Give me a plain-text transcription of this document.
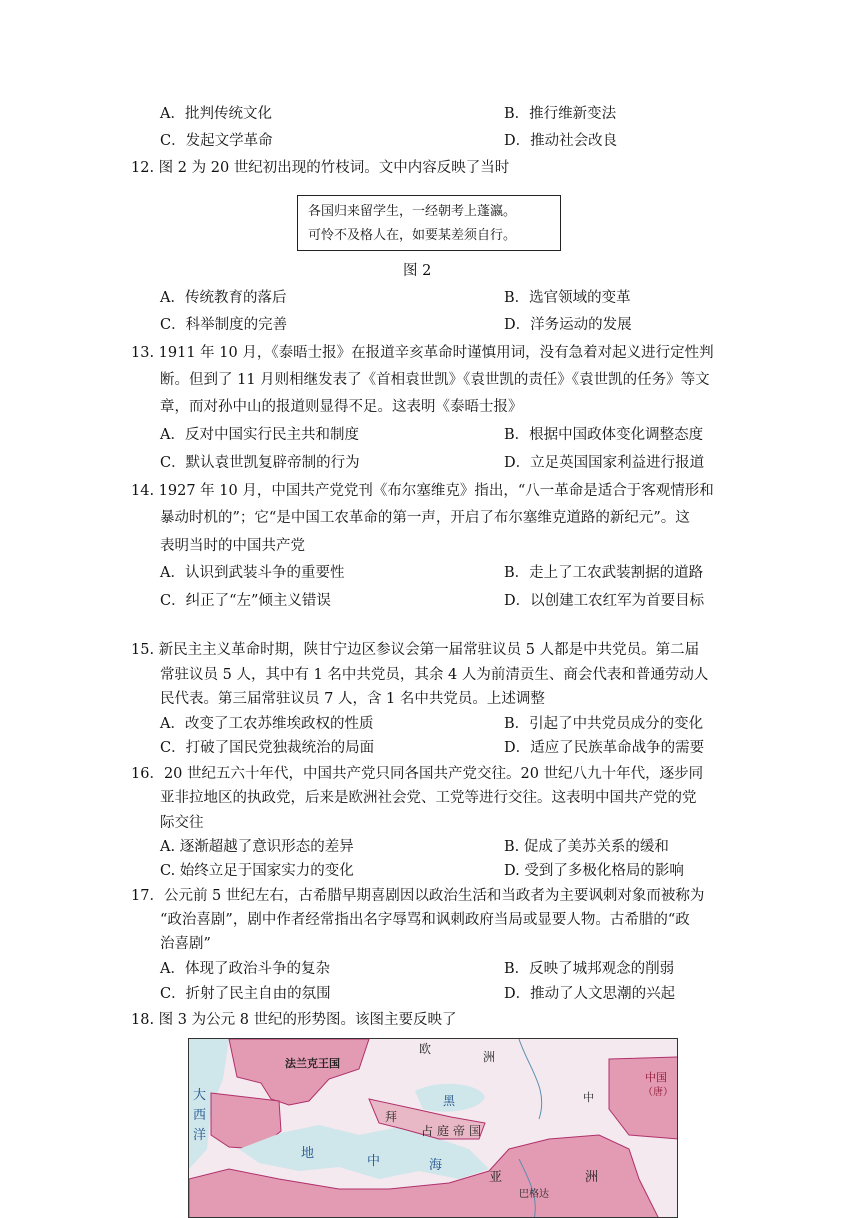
A．批判传统文化	B．推行维新变法
C．发起文学革命	D．推动社会改良
12. 图 2 为 20 世纪初出现的竹枝词。文中内容反映了当时
各国归来留学生，一经朝考上蓬瀛。
可怜不及格人在，如要某差须自行。
图 2
A．传统教育的落后	B．选官领域的变革
C．科举制度的完善	D．洋务运动的发展
13. 1911 年 10 月，《泰晤士报》在报道辛亥革命时谨慎用词，没有急着对起义进行定性判
断。但到了 11 月则相继发表了《首相袁世凯》《袁世凯的责任》《袁世凯的任务》等文
章，而对孙中山的报道则显得不足。这表明《泰晤士报》
A．反对中国实行民主共和制度	B．根据中国政体变化调整态度
C．默认袁世凯复辟帝制的行为	D．立足英国国家利益进行报道
14. 1927 年 10 月，中国共产党党刊《布尔塞维克》指出，“八一革命是适合于客观情形和
暴动时机的”；它“是中国工农革命的第一声，开启了布尔塞维克道路的新纪元”。这
表明当时的中国共产党
A．认识到武装斗争的重要性	B．走上了工农武装割据的道路
C．纠正了“左”倾主义错误	D．以创建工农红军为首要目标
15. 新民主主义革命时期，陕甘宁边区参议会第一届常驻议员 5 人都是中共党员。第二届
常驻议员 5 人，其中有 1 名中共党员，其余 4 人为前清贡生、商会代表和普通劳动人
民代表。第三届常驻议员 7 人，含 1 名中共党员。上述调整
A．改变了工农苏维埃政权的性质	B．引起了中共党员成分的变化
C．打破了国民党独裁统治的局面	D．适应了民族革命战争的需要
16．20 世纪五六十年代，中国共产党只同各国共产党交往。20 世纪八九十年代，逐步同
亚非拉地区的执政党，后来是欧洲社会党、工党等进行交往。这表明中国共产党的党
际交往
A. 逐渐超越了意识形态的差异	B. 促成了美苏关系的缓和
C. 始终立足于国家实力的变化	D. 受到了多极化格局的影响
17．公元前 5 世纪左右，古希腊早期喜剧因以政治生活和当政者为主要讽刺对象而被称为
“政治喜剧”，剧中作者经常指出名字辱骂和讽刺政府当局或显要人物。古希腊的“政
治喜剧”
A．体现了政治斗争的复杂	B．反映了城邦观念的削弱
C．折射了民主自由的氛围	D．推动了人文思潮的兴起
18. 图 3 为公元 8 世纪的形势图。该图主要反映了
法兰克王国
欧
洲
大
西
洋
中国
（唐）
拜
占 庭 帝 国
地
中	海
黑
亚	洲
巴格达
中
